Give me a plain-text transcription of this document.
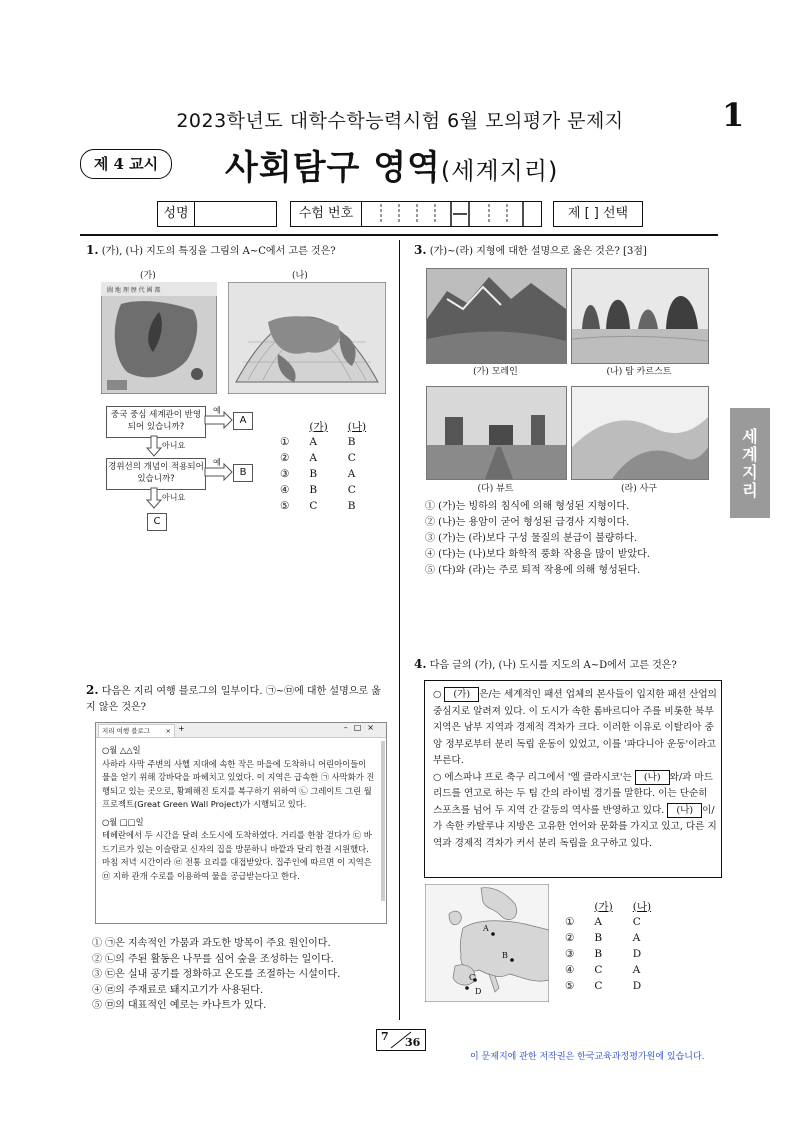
2023학년도 대학수학능력시험 6월 모의평가 문제지	1
제 4 교시	사회탐구 영역(세계지리)
성명	수험 번호	제 [ ] 선택
세계지리
1. (가), (나) 지도의 특징을 그림의 A~C에서 고른 것은?
(가)	(나)
圖 地 理 歷 代 國 都
중국 중심 세계관이 반영되어 있습니까?
경위선의 개념이 적용되어 있습니까?
A
B
C
예
예
아니요
아니요
	(가)	(나)
①	A	B
②	A	C
③	B	A
④	B	C
⑤	C	B
2. 다음은 지리 여행 블로그의 일부이다. ㉠~㉤에 대한 설명으로 옳지 않은 것은?
지리 여행 블로그 × +	–□×
○월 △△일
사하라 사막 주변의 사헬 지대에 속한 작은 마을에 도착하니 어린아이들이 물을 얻기 위해 강바닥을 파헤치고 있었다. 이 지역은 급속한 ㉠ 사막화가 진행되고 있는 곳으로, 황폐해진 토지를 복구하기 위하여 ㉡ 그레이트 그린 월 프로젝트(Great Green Wall Project)가 시행되고 있다.
○월 □□일
테헤란에서 두 시간을 달려 소도시에 도착하였다. 거리를 한참 걷다가 ㉢ 바드기르가 있는 이슬람교 신자의 집을 방문하니 바깥과 달리 한결 시원했다. 마침 저녁 시간이라 ㉣ 전통 요리를 대접받았다. 집주인에 따르면 이 지역은 ㉤ 지하 관개 수로를 이용하여 물을 공급받는다고 한다.
① ㉠은 지속적인 가뭄과 과도한 방목이 주요 원인이다.
② ㉡의 주된 활동은 나무를 심어 숲을 조성하는 일이다.
③ ㉢은 실내 공기를 정화하고 온도를 조절하는 시설이다.
④ ㉣의 주재료로 돼지고기가 사용된다.
⑤ ㉤의 대표적인 예로는 카나트가 있다.
3. (가)~(라) 지형에 대한 설명으로 옳은 것은? [3점]
(가) 모레인	(나) 탑 카르스트
(다) 뷰트	(라) 사구
① (가)는 빙하의 침식에 의해 형성된 지형이다.
② (나)는 용암이 굳어 형성된 급경사 지형이다.
③ (가)는 (라)보다 구성 물질의 분급이 불량하다.
④ (다)는 (나)보다 화학적 풍화 작용을 많이 받았다.
⑤ (다)와 (라)는 주로 퇴적 작용에 의해 형성된다.
4. 다음 글의 (가), (나) 도시를 지도의 A~D에서 고른 것은?
○ (가) 은/는 세계적인 패션 업체의 본사들이 입지한 패션 산업의 중심지로 알려져 있다. 이 도시가 속한 롬바르디아 주를 비롯한 북부 지역은 남부 지역과 경제적 격차가 크다. 이러한 이유로 이탈리아 중앙 정부로부터 분리 독립 운동이 있었고, 이를 '파다니아 운동'이라고 부른다.
○ 에스파냐 프로 축구 리그에서 '엘 클라시코'는 (나) 와/과 마드리드를 연고로 하는 두 팀 간의 라이벌 경기를 말한다. 이는 단순히 스포츠를 넘어 두 지역 간 갈등의 역사를 반영하고 있다. (나) 이/가 속한 카탈루냐 지방은 고유한 언어와 문화를 가지고 있고, 다른 지역과 경제적 격차가 커서 분리 독립을 요구하고 있다.
A
B
C
D
	(가)	(나)
①	A	C
②	B	A
③	B	D
④	C	A
⑤	C	D
7 36
이 문제지에 관한 저작권은 한국교육과정평가원에 있습니다.
